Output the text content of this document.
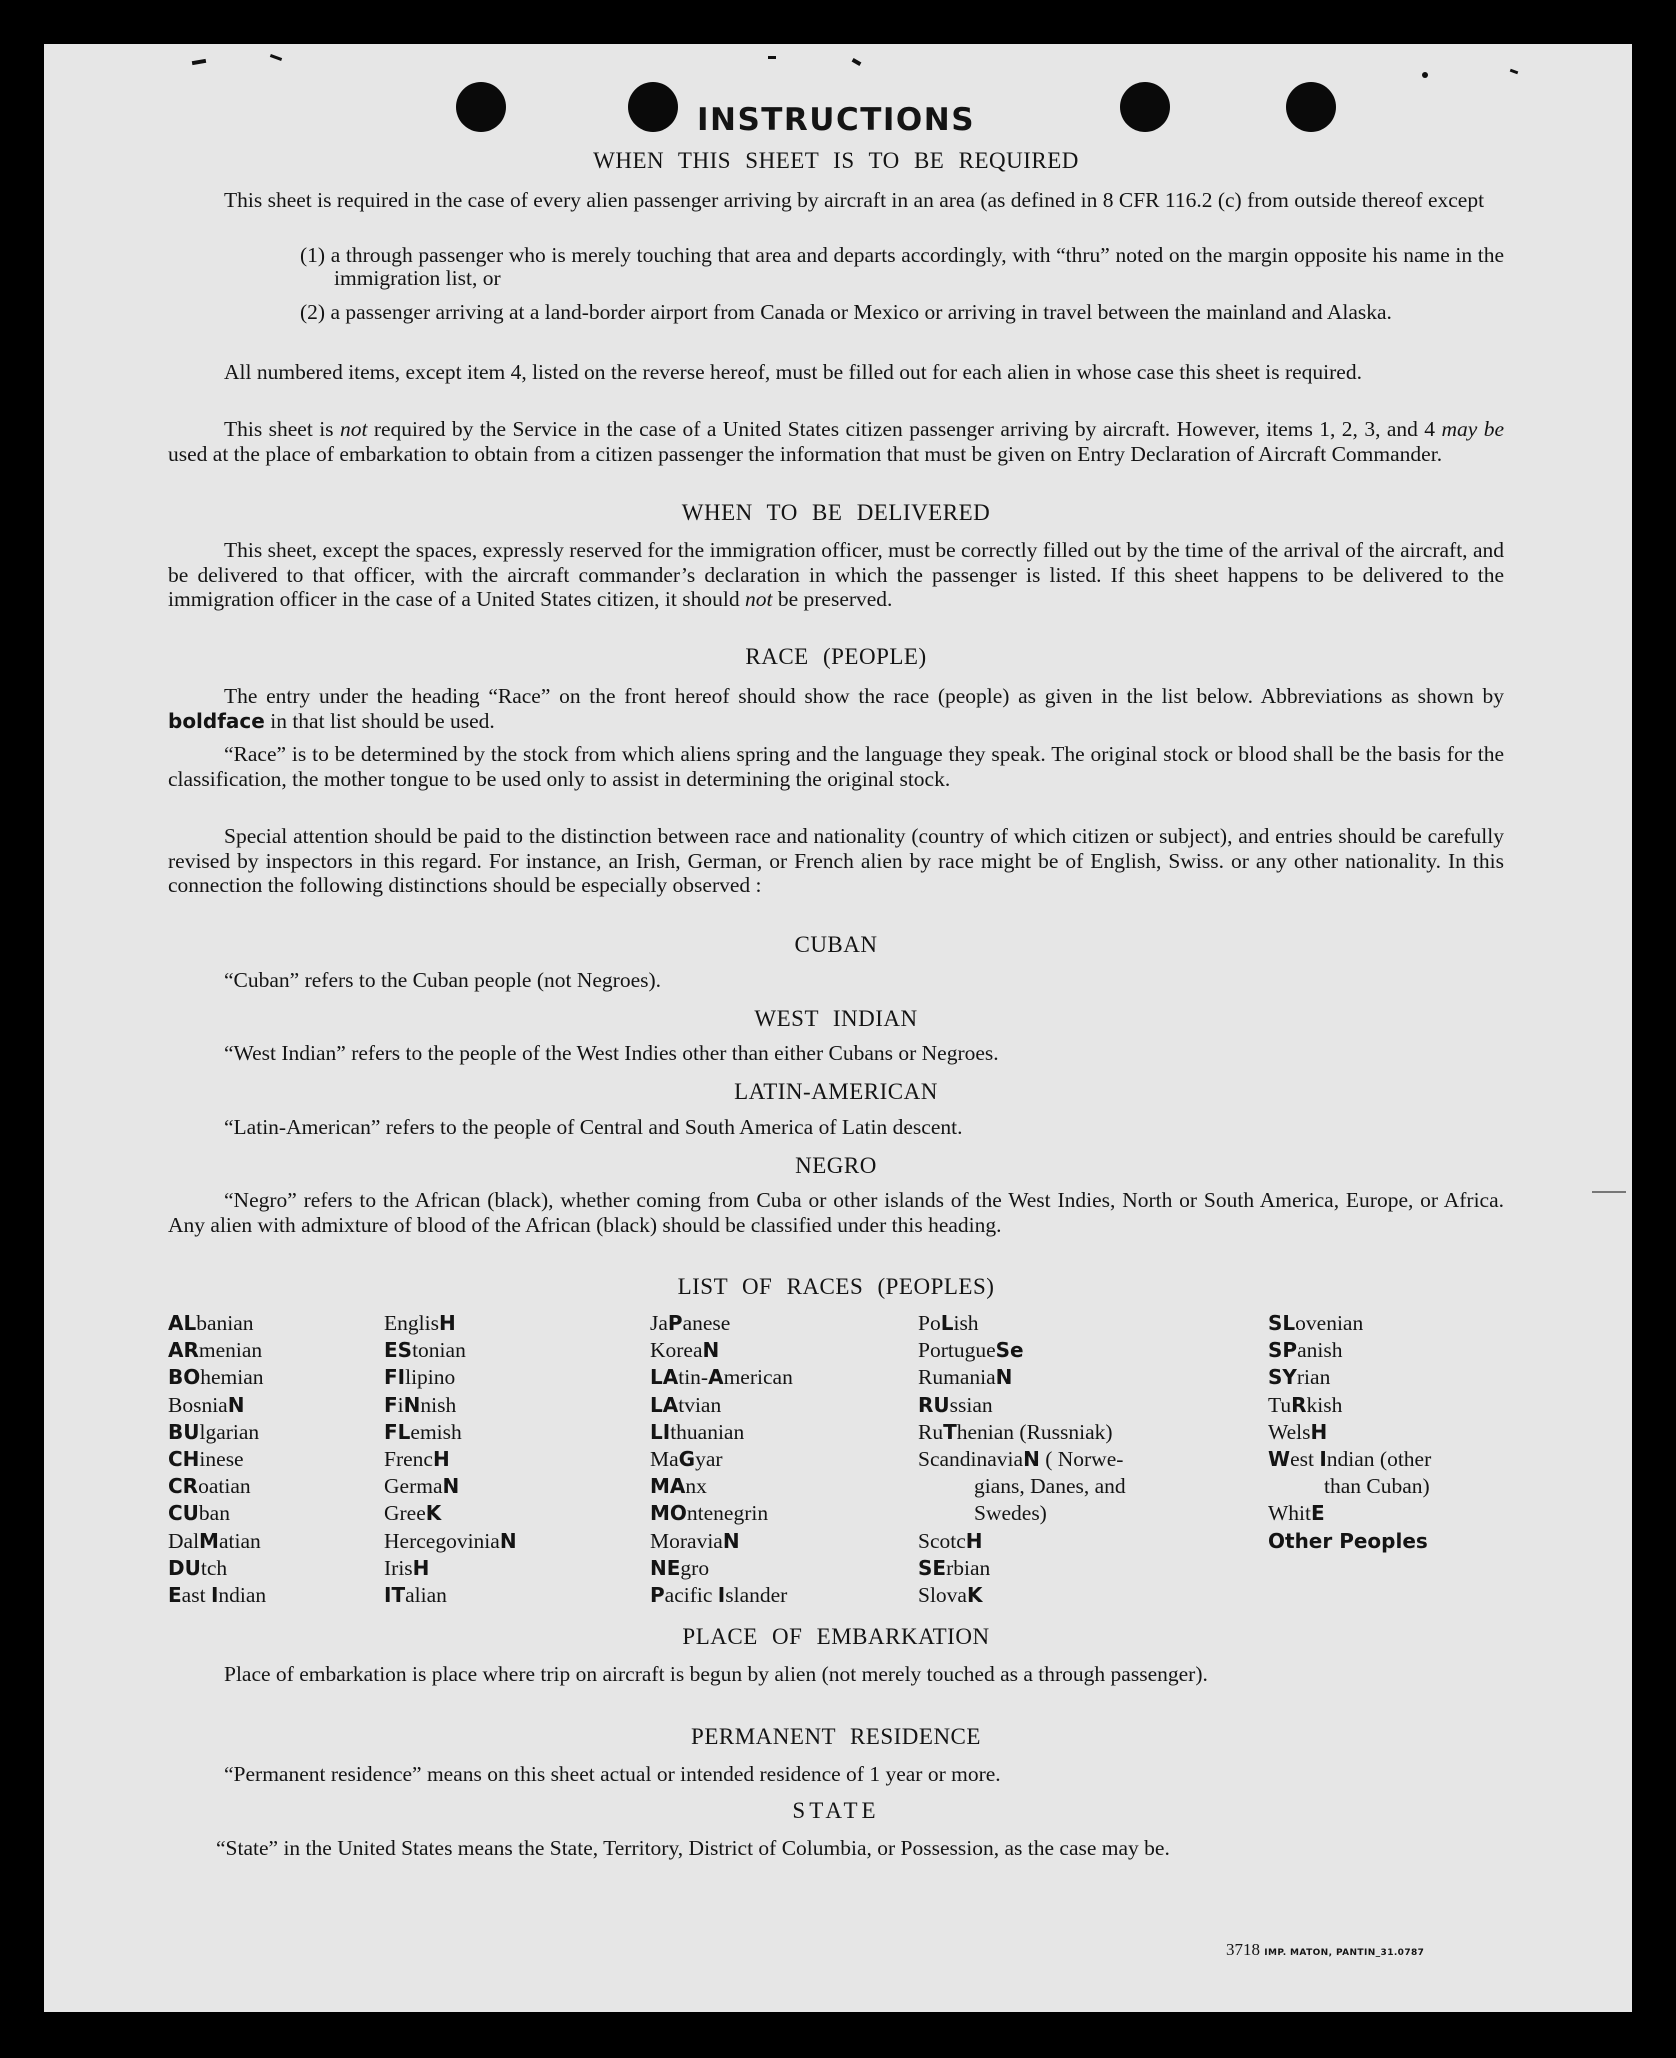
INSTRUCTIONS
WHEN THIS SHEET IS TO BE REQUIRED
This sheet is required in the case of every alien passenger arriving by aircraft in an area (as defined in 8 CFR 116.2 (c) from outside thereof except
(1) a through passenger who is merely touching that area and departs accordingly, with “thru” noted on the margin opposite his name in the immigration list, or
(2) a passenger arriving at a land-border airport from Canada or Mexico or arriving in travel between the mainland and Alaska.
All numbered items, except item 4, listed on the reverse hereof, must be filled out for each alien in whose case this sheet is required.
This sheet is not required by the Service in the case of a United States citizen passenger arriving by aircraft. However, items 1, 2, 3, and 4 may be used at the place of embarkation to obtain from a citizen passenger the information that must be given on Entry Declaration of Aircraft Commander.
WHEN TO BE DELIVERED
This sheet, except the spaces, expressly reserved for the immigration officer, must be correctly filled out by the time of the arrival of the aircraft, and be delivered to that officer, with the aircraft commander’s declaration in which the passenger is listed. If this sheet happens to be delivered to the immigration officer in the case of a United States citizen, it should not be preserved.
RACE (PEOPLE)
The entry under the heading “Race” on the front hereof should show the race (people) as given in the list below. Abbreviations as shown by boldface in that list should be used.
“Race” is to be determined by the stock from which aliens spring and the language they speak. The original stock or blood shall be the basis for the classification, the mother tongue to be used only to assist in determining the original stock.
Special attention should be paid to the distinction between race and nationality (country of which citizen or subject), and entries should be carefully revised by inspectors in this regard. For instance, an Irish, German, or French alien by race might be of English, Swiss. or any other nationality. In this connection the following distinctions should be especially observed :
CUBAN
“Cuban” refers to the Cuban people (not Negroes).
WEST INDIAN
“West Indian” refers to the people of the West Indies other than either Cubans or Negroes.
LATIN-AMERICAN
“Latin-American” refers to the people of Central and South America of Latin descent.
NEGRO
“Negro” refers to the African (black), whether coming from Cuba or other islands of the West Indies, North or South America, Europe, or Africa. Any alien with admixture of blood of the African (black) should be classified under this heading.
LIST OF RACES (PEOPLES)
ALbanian
ARmenian
BOhemian
BosniaN
BUlgarian
CHinese
CRoatian
CUban
DalMatian
DUtch
East Indian
EnglisH
EStonian
FIlipino
FiNnish
FLemish
FrencH
GermaN
GreeK
HercegoviniaN
IrisH
ITalian
JaPanese
KoreaN
LAtin-American
LAtvian
LIthuanian
MaGyar
MAnx
MOntenegrin
MoraviaN
NEgro
Pacific Islander
PoLish
PortugueSe
RumaniaN
RUssian
RuThenian (Russniak)
ScandinaviaN ( Norwe-
gians, Danes, and
Swedes)
ScotcH
SErbian
SlovaK
SLovenian
SPanish
SYrian
TuRkish
WelsH
West Indian (other
than Cuban)
WhitE
Other Peoples
PLACE OF EMBARKATION
Place of embarkation is place where trip on aircraft is begun by alien (not merely touched as a through passenger).
PERMANENT RESIDENCE
“Permanent residence” means on this sheet actual or intended residence of 1 year or more.
STATE
“State” in the United States means the State, Territory, District of Columbia, or Possession, as the case may be.
3718 IMP. MATON, PANTIN_31.0787
